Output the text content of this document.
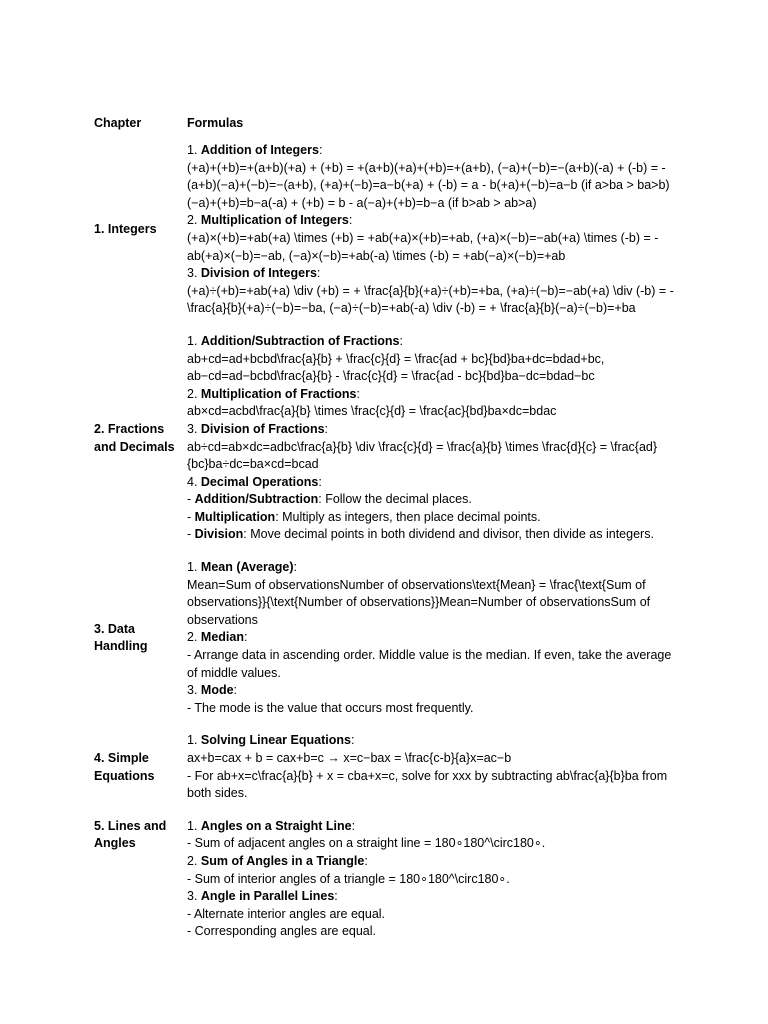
Chapter	Formulas
1. Integers
1. Addition of Integers:
(+a)+(+b)=+(a+b)(+a) + (+b) = +(a+b)(+a)+(+b)=+(a+b), (−a)+(−b)=−(a+b)(-a) + (-b) = -(a+b)(−a)+(−b)=−(a+b), (+a)+(−b)=a−b(+a) + (-b) = a - b(+a)+(−b)=a−b (if a>ba > ba>b) (−a)+(+b)=b−a(-a) + (+b) = b - a(−a)+(+b)=b−a (if b>ab > ab>a)
2. Multiplication of Integers:
(+a)×(+b)=+ab(+a) \times (+b) = +ab(+a)×(+b)=+ab, (+a)×(−b)=−ab(+a) \times (-b) = -ab(+a)×(−b)=−ab, (−a)×(−b)=+ab(-a) \times (-b) = +ab(−a)×(−b)=+ab
3. Division of Integers:
(+a)÷(+b)=+ab(+a) \div (+b) = + \frac{a}{b}(+a)÷(+b)=+ba, (+a)÷(−b)=−ab(+a) \div (-b) = - \frac{a}{b}(+a)÷(−b)=−ba, (−a)÷(−b)=+ab(-a) \div (-b) = + \frac{a}{b}(−a)÷(−b)=+ba
2. Fractions and Decimals
1. Addition/Subtraction of Fractions:
ab+cd=ad+bcbd\frac{a}{b} + \frac{c}{d} = \frac{ad + bc}{bd}ba+dc=bdad+bc,
ab−cd=ad−bcbd\frac{a}{b} - \frac{c}{d} = \frac{ad - bc}{bd}ba−dc=bdad−bc
2. Multiplication of Fractions:
ab×cd=acbd\frac{a}{b} \times \frac{c}{d} = \frac{ac}{bd}ba×dc=bdac
3. Division of Fractions:
ab÷cd=ab×dc=adbc\frac{a}{b} \div \frac{c}{d} = \frac{a}{b} \times \frac{d}{c} = \frac{ad}{bc}ba÷dc=ba×cd=bcad
4. Decimal Operations:
- Addition/Subtraction: Follow the decimal places.
- Multiplication: Multiply as integers, then place decimal points.
- Division: Move decimal points in both dividend and divisor, then divide as integers.
3. Data Handling
1. Mean (Average):
Mean=Sum of observationsNumber of observations\text{Mean} = \frac{\text{Sum of observations}}{\text{Number of observations}}Mean=Number of observationsSum of observations
2. Median:
- Arrange data in ascending order. Middle value is the median. If even, take the average of middle values.
3. Mode:
- The mode is the value that occurs most frequently.
4. Simple Equations
1. Solving Linear Equations:
ax+b=cax + b = cax+b=c → x=c−bax = \frac{c-b}{a}x=ac−b
- For ab+x=c\frac{a}{b} + x = cba+x=c, solve for xxx by subtracting ab\frac{a}{b}ba from both sides.
5. Lines and Angles
1. Angles on a Straight Line:
- Sum of adjacent angles on a straight line = 180∘180^\circ180∘.
2. Sum of Angles in a Triangle:
- Sum of interior angles of a triangle = 180∘180^\circ180∘.
3. Angle in Parallel Lines:
- Alternate interior angles are equal.
- Corresponding angles are equal.
